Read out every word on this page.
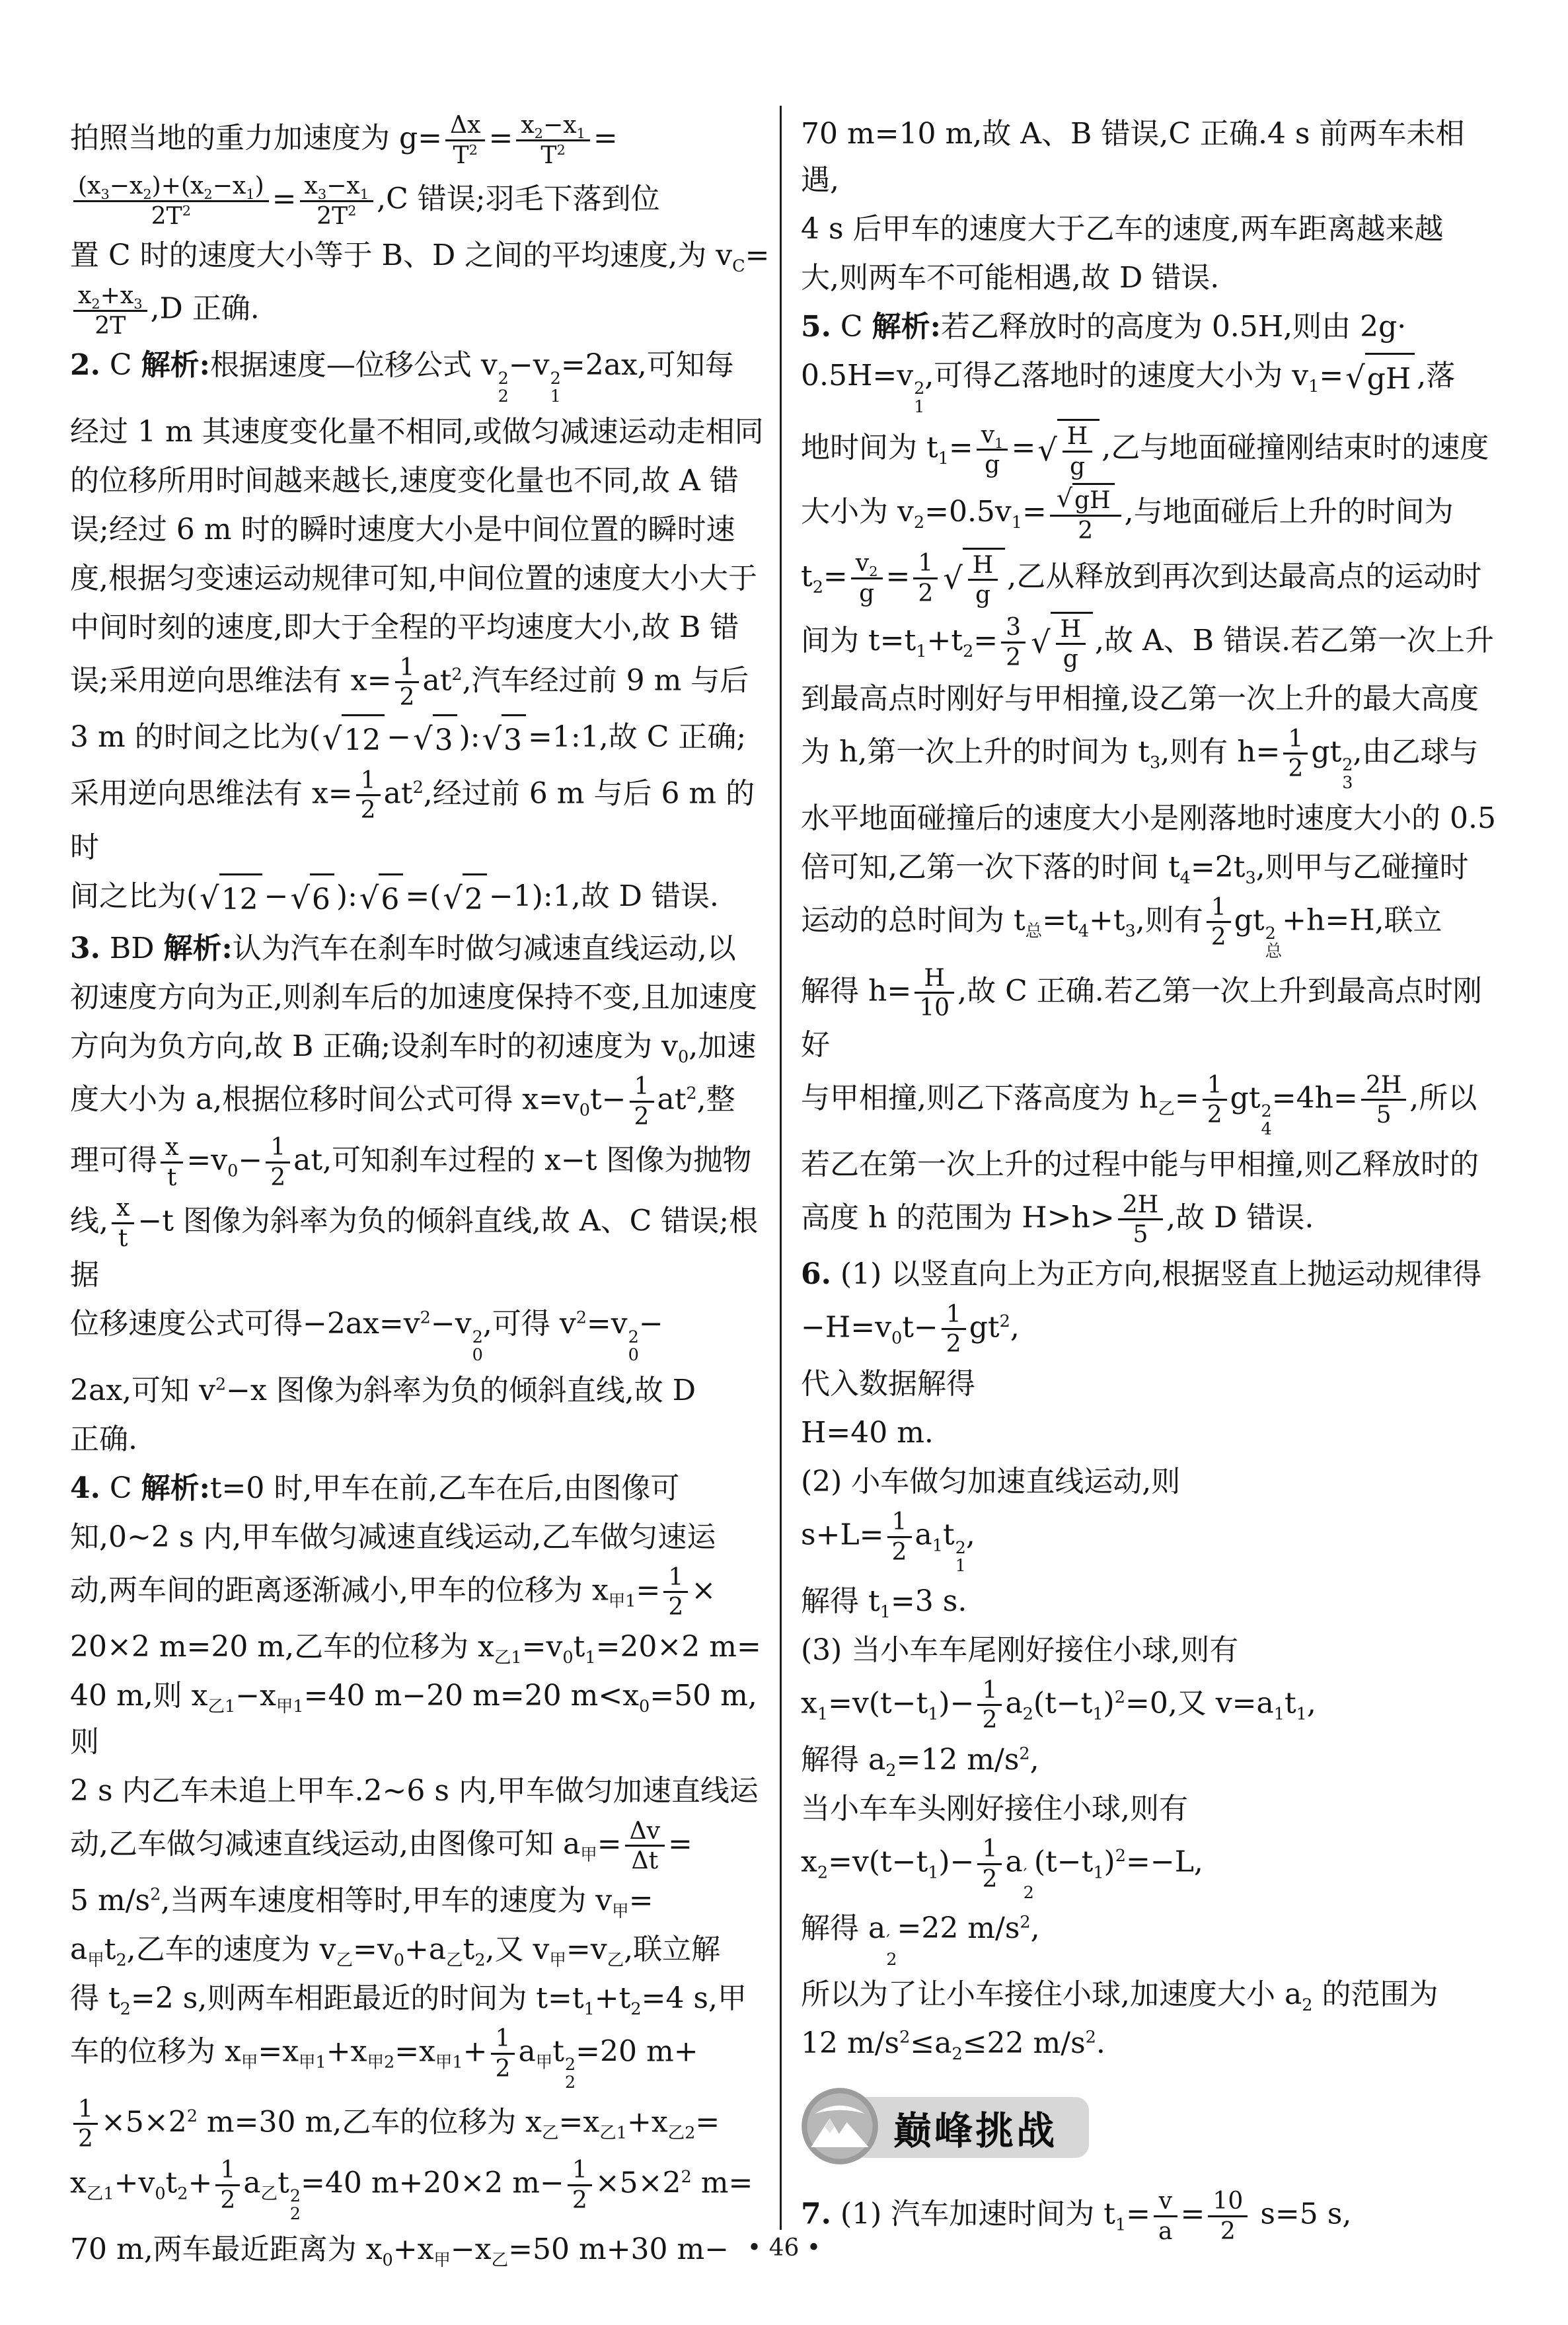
拍照当地的重力加速度为 $g= \frac{\Delta x}{T^2} = \frac{x_2-x_1}{T^2}$ =
$\frac{(x_3-x_2)+(x_2-x_1)}{2T^2} = \frac{x_3-x_1}{2T^2} ,C$ 错误;羽毛下落到位
置 C 时的速度大小等于 B、D 之间的平均速度,为 $v_C=$
$\frac{x_2+x_3}{2T} ,D$ 正确.
2. C 解析:根据速度—位移公式 v 2
2
−v 2
1
=2ax,可知每
经过 1 m 其速度变化量不相同,或做匀减速运动走相同
的位移所用时间越来越长,速度变化量也不同,故 A 错
误;经过 6 m 时的瞬时速度大小是中间位置的瞬时速
度,根据匀变速运动规律可知,中间位置的速度大小大于
中间时刻的速度,即大于全程的平均速度大小,故 B 错
误;采用逆向思维法有 $x= \frac{1}{2} at^2$,汽车经过前 9 m 与后
3 m 的时间之比为( √ 12 − √ 3 ): √ 3 =1:1,故 C 正确;
采用逆向思维法有 $x= \frac{1}{2} at^2$,经过前 6 m 与后 6 m 的时
间之比为( √ 12 − √ 6 ): √ 6 =( √ 2 −1):1,故 D 错误.
3. BD 解析:认为汽车在刹车时做匀减速直线运动,以
初速度方向为正,则刹车后的加速度保持不变,且加速度
方向为负方向,故 B 正确;设刹车时的初速度为 $v_0$,加速
度大小为 a,根据位移时间公式可得 $x=v_0t- \frac{1}{2} at^2$,整
理可得 $\frac{x}{t} =v_0- \frac{1}{2}$ at,可知刹车过程的 x−t 图像为抛物
线, $\frac{x}{t} -t$ 图像为斜率为负的倾斜直线,故 A、C 错误;根据
位移速度公式可得$-2ax=v^2-v$ 2
0
,可得 $v^2=v$ 2
0
−
2ax,可知 $v^2-x$ 图像为斜率为负的倾斜直线,故 D
正确.
4. C 解析:t=0 时,甲车在前,乙车在后,由图像可
知,0~2 s 内,甲车做匀减速直线运动,乙车做匀速运
动,两车间的距离逐渐减小,甲车的位移为 $x_{甲1}= \frac{1}{2}$ ×
20×2 m=20 m,乙车的位移为 $x_{乙1}=v_0t_1=20\times 2$ m=
40 m,则 $x_{乙1}-x_{甲1}=40$ m−20 m=20 $m<x_0=50$ m,则
2 s 内乙车未追上甲车.2~6 s 内,甲车做匀加速直线运
动,乙车做匀减速直线运动,由图像可知 $a_甲= \frac{\Delta v}{\Delta t}$ =
5 $m/s^2$,当两车速度相等时,甲车的速度为 $v_甲=$
$a_甲t_2$,乙车的速度为 $v_乙=v_0+a_乙t_2$,又 $v_甲=v_乙$,联立解
得 $t_2=2$ s,则两车相距最近的时间为 $t=t_1+t_2=4$ s,甲
车的位移为 $x_甲=x_{甲1}+x_{甲2}=x_{甲1}+ \frac{1}{2} a_甲t$ 2
2
=20 m+
$\frac{1}{2} \times 5\times 2^2$ m=30 m,乙车的位移为 $x_乙=x_{乙1}+x_{乙2}=$
$x_{乙1}+v_0t_2+ \frac{1}{2} a_乙t$ 2
2
=40 m+20×2 $m- \frac{1}{2} \times 5\times 2^2$ m=
70 m,两车最近距离为 $x_0+x_甲-x_乙=50$ m+30 m−
70 m=10 m,故 A、B 错误,C 正确.4 s 前两车未相遇,
4 s 后甲车的速度大于乙车的速度,两车距离越来越
大,则两车不可能相遇,故 D 错误.
5. C 解析:若乙释放时的高度为 0.5H,则由 2g·
0.5H=v 2
1
,可得乙落地时的速度大小为 $v_1=$ √ gH ,落
地时间为 $t_1= \frac{v_1}{g}$ = √ $\frac{H}{g}$ ,乙与地面碰撞刚结束时的速度
大小为 $v_2=0.5v_1= \frac{√ gH}{2}$ ,与地面碰后上升的时间为
$t_2= \frac{v_2}{g} = \frac{1}{2}$ √ $\frac{H}{g}$ ,乙从释放到再次到达最高点的运动时
间为 $t=t_1+t_2= \frac{3}{2}$ √ $\frac{H}{g}$ ,故 A、B 错误.若乙第一次上升
到最高点时刚好与甲相撞,设乙第一次上升的最大高度
为 h,第一次上升的时间为 $t_3$,则有 $h= \frac{1}{2}$ gt 2
3
,由乙球与
水平地面碰撞后的速度大小是刚落地时速度大小的 0.5
倍可知,乙第一次下落的时间 $t_4=2t_3$,则甲与乙碰撞时
运动的总时间为 $t_总=t_4+t_3$,则有 $\frac{1}{2}$ gt 2
总
+h=H,联立
解得 $h= \frac{H}{10}$ ,故 C 正确.若乙第一次上升到最高点时刚好
与甲相撞,则乙下落高度为 $h_乙= \frac{1}{2}$ gt 2
4
$=4h= \frac{2H}{5}$ ,所以
若乙在第一次上升的过程中能与甲相撞,则乙释放时的
高度 h 的范围为 $H>h> \frac{2H}{5}$ ,故 D 错误.
6. (1) 以竖直向上为正方向,根据竖直上抛运动规律得
$-H=v_0t- \frac{1}{2} gt^2$,
代入数据解得
H=40 m.
(2) 小车做匀加速直线运动,则
$s+L= \frac{1}{2} a_1t$ 2
1
,
解得 $t_1=3$ s.
(3) 当小车车尾刚好接住小球,则有
$x_1=v(t-t_1)- \frac{1}{2} a_2(t-t_1)^2=0$,又 $v=a_1t_1$,
解得 $a_2=12$ $m/s^2$,
当小车车头刚好接住小球,则有
$x_2=v(t-t_1)- \frac{1}{2}$ a ′
2
$(t-t_1)^2=-L$,
解得 a ′
2
=22 $m/s^2$,
所以为了让小车接住小球,加速度大小 $a_2$ 的范围为
12 $m/s^2\le a_2\le 22$ $m/s^2$.
巅峰挑战
7. (1) 汽车加速时间为 $t_1= \frac{v}{a} = \frac{10}{2} s=5$ s,
• 46 •
